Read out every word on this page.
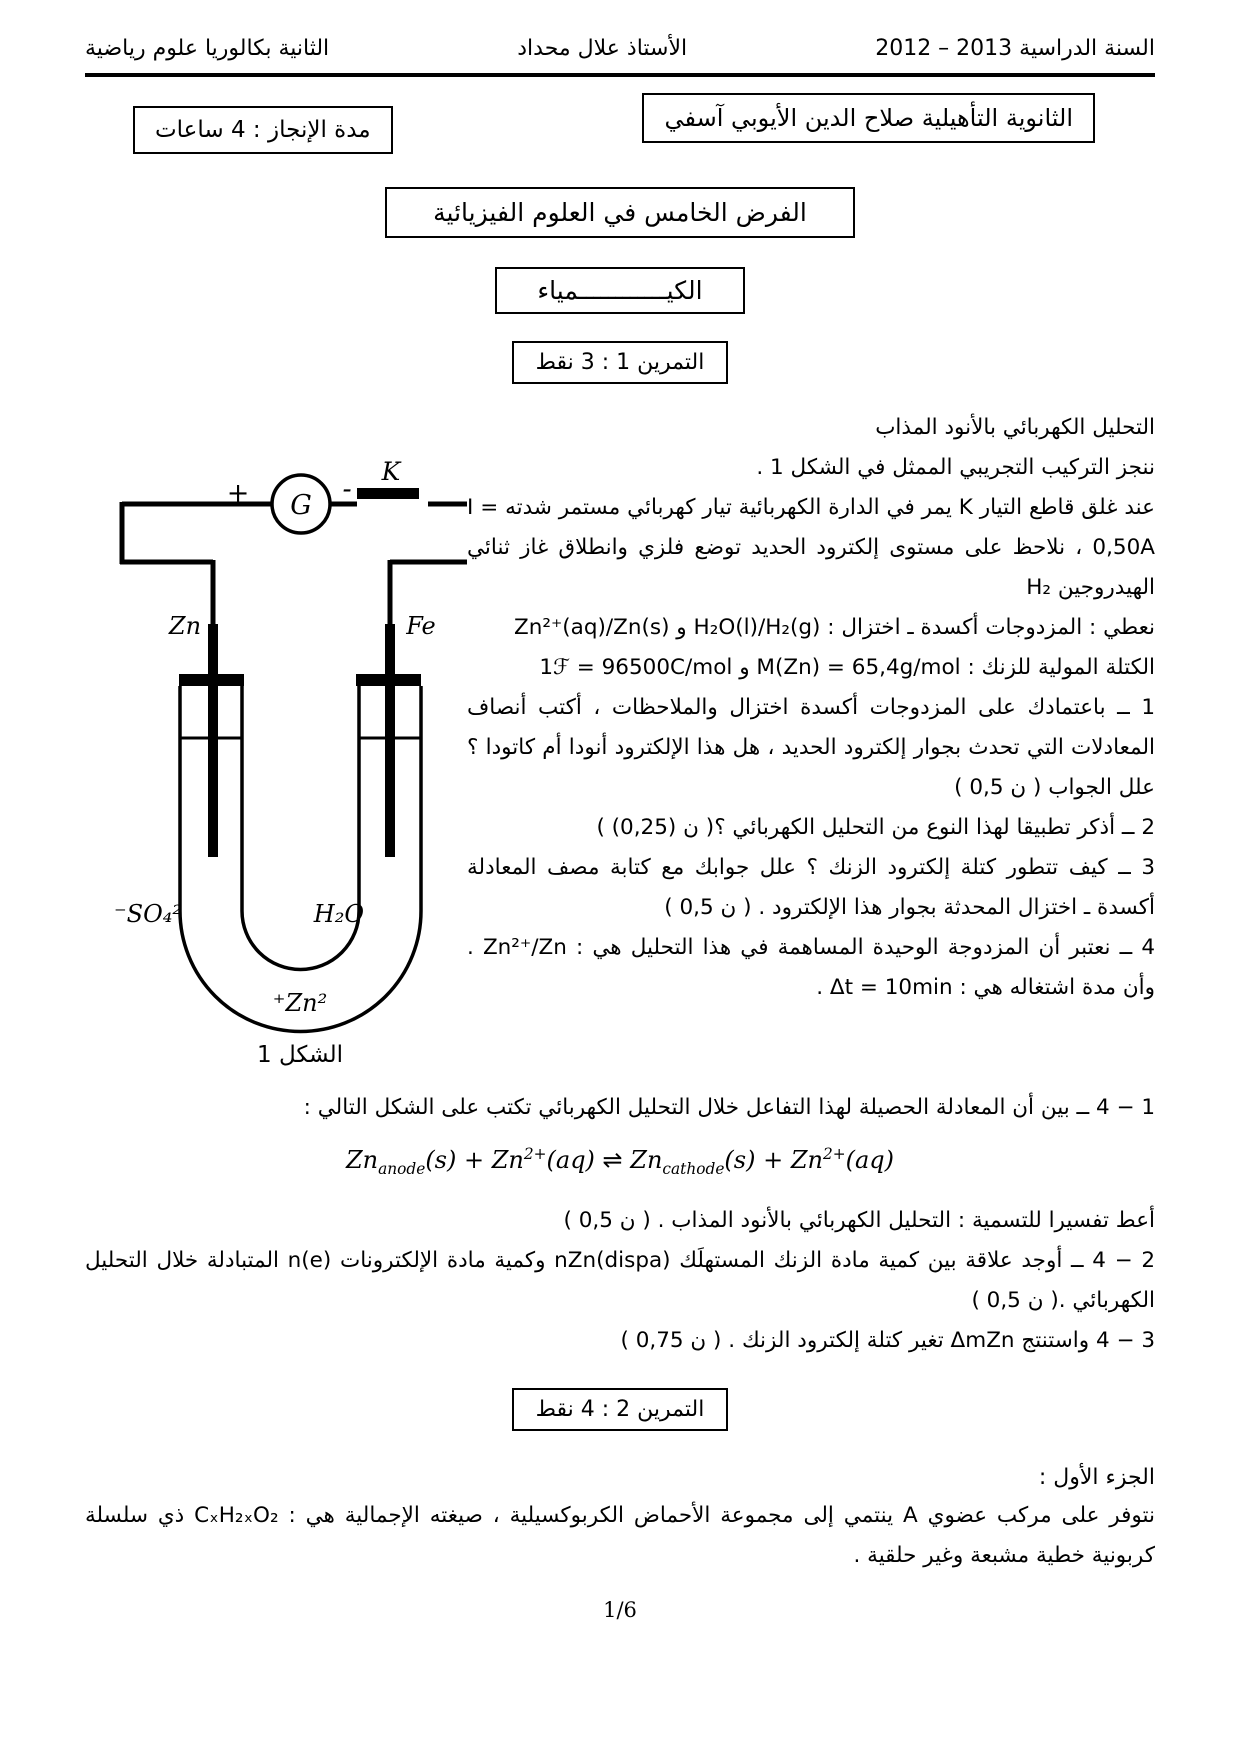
السنة الدراسية ‪2012 – 2013‬
الأستاذ علال محداد
الثانية بكالوريا علوم رياضية
الثانوية التأهيلية صلاح الدين الأيوبي آسفي
مدة الإنجاز : 4 ساعات
الفرض الخامس في العلوم الفيزيائية
الكيــــــــــــمياء
التمرين 1 : 3 نقط

التحليل الكهربائي بالأنود المذاب

ننجز التركيب التجريبي الممثل في الشكل 1 .

عند غلق قاطع التيار ‪K‬ يمر في الدارة الكهربائية تيار كهربائي مستمر شدته ‪I = 0,50A‬ ، نلاحظ على مستوى إلكترود الحديد توضع فلزي وانطلاق غاز ثنائي الهيدروجين ‪H₂‬

نعطي : المزدوجات أكسدة ـ اختزال : ‪H₂O(l)/H₂(g)‬ و ‪Zn²⁺(aq)/Zn(s)‬

الكتلة المولية للزنك : ‪M(Zn) = 65,4g/mol‬ و ‪1ℱ = 96500C/mol‬

1 ــ باعتمادك على المزدوجات أكسدة اختزال والملاحظات ، أكتب أنصاف المعادلات التي تحدث بجوار إلكترود الحديد ، هل هذا الإلكترود أنودا أم كاتودا ؟ علل الجواب ‪( 0,5 ن )‬

2 ــ أذكر تطبيقا لهذا النوع من التحليل الكهربائي ؟‪( (0,25) ن )‬

3 ــ كيف تتطور كتلة إلكترود الزنك ؟ علل جوابك مع كتابة مصف المعادلة أكسدة ـ اختزال المحدثة بجوار هذا الإلكترود . ‪( 0,5 ن )‬

4 ــ نعتبر أن المزدوجة الوحيدة المساهمة في هذا التحليل هي : ‪Zn²⁺/Zn‬ . وأن مدة اشتغاله هي : ‪Δt = 10min‬ .

G
+	-
K
Zn	Fe
SO₄²⁻	H₂O
Zn²⁺
الشكل 1

‪4 − 1‬ ــ بين أن المعادلة الحصيلة لهذا التفاعل خلال التحليل الكهربائي تكتب على الشكل التالي :

$Zn_{anode}(s) + Zn^{2+}(aq)$ ⇌ $Zn_{cathode}(s) + Zn^{2+}(aq)$

أعط تفسيرا للتسمية : التحليل الكهربائي بالأنود المذاب . ‪( 0,5 ن )‬

‪4 − 2‬ ــ أوجد علاقة بين كمية مادة الزنك المستهلَك ‪nZn(dispa)‬ وكمية مادة الإلكترونات ‪n(e)‬ المتبادلة خلال التحليل الكهربائي .‪( 0,5 ن )‬

‪4 − 3‬ واستنتج ‪ΔmZn‬ تغير كتلة إلكترود الزنك . ‪( 0,75 ن )‬

التمرين 2 : 4 نقط
الجزء الأول :

نتوفر على مركب عضوي ‪A‬ ينتمي إلى مجموعة الأحماض الكربوكسيلية ، صيغته الإجمالية هي : ‪CₓH₂ₓO₂‬ ذي سلسلة كربونية خطية مشبعة وغير حلقية .

1/6
